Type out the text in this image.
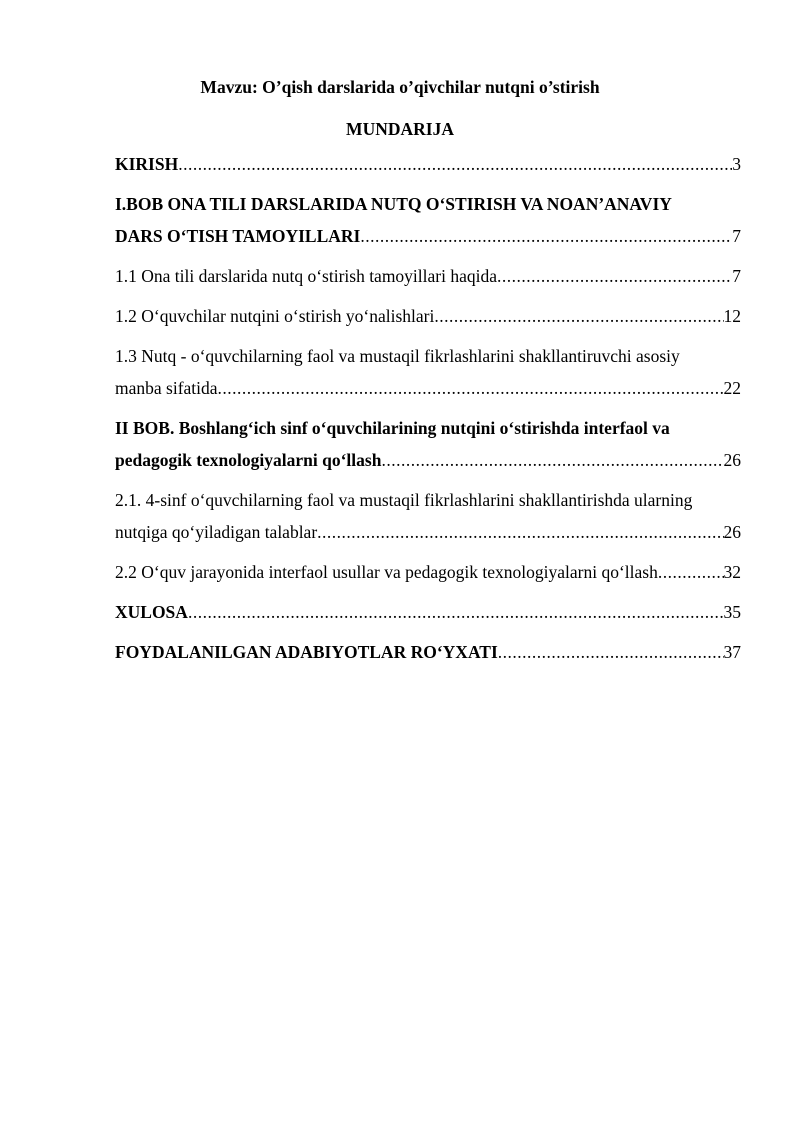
Mavzu: O’qish darslarida o’qivchilar nutqni o’stirish
MUNDARIJA
KIRISH .....	3
I.BOB ONA TILI DARSLARIDA NUTQ O‘STIRISH VA NOAN’ANAVIY
DARS O‘TISH TAMOYILLARI .....	7
1.1 Ona tili darslarida nutq o‘stirish tamoyillari haqida .....	7
1.2 O‘quvchilar nutqini o‘stirish yo‘nalishlari .....	12
1.3 Nutq - o‘quvchilarning faol va mustaqil fikrlashlarini shakllantiruvchi asosiy
manba sifatida .....	22
II BOB. Boshlang‘ich sinf o‘quvchilarining nutqini o‘stirishda interfaol va
pedagogik texnologiyalarni qo‘llash .....	26
2.1. 4-sinf o‘quvchilarning faol va mustaqil fikrlashlarini shakllantirishda ularning
nutqiga qo‘yiladigan talablar .....	26
2.2 O‘quv jarayonida interfaol usullar va pedagogik texnologiyalarni qo‘llash .....	32
XULOSA .....	35
FOYDALANILGAN ADABIYOTLAR RO‘YXATI .....	37
